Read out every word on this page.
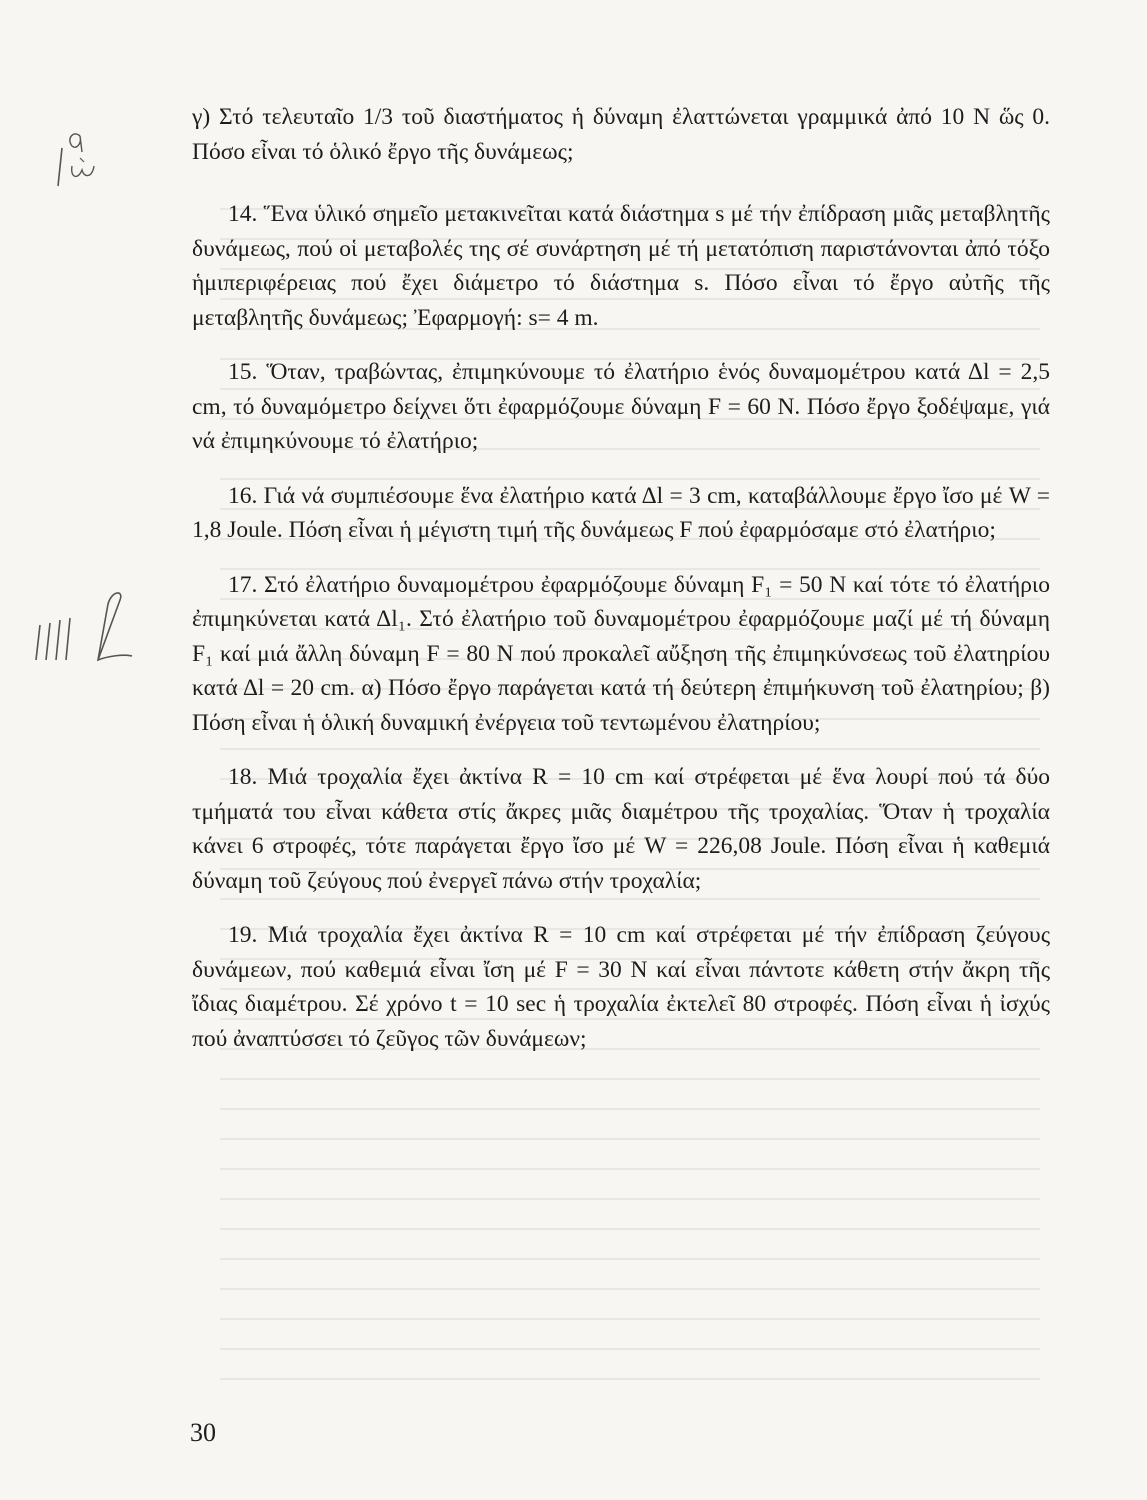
γ) Στό τελευταῖο 1/3 τοῦ διαστήματος ἡ δύναμη ἐλαττώνεται γραμμικά ἀπό 10 N ὥς 0. Πόσο εἶναι τό ὁλικό ἔργο τῆς δυνάμεως;

14. Ἕνα ὑλικό σημεῖο μετακινεῖται κατά διάστημα s μέ τήν ἐπίδραση μιᾶς μεταβλητῆς δυνάμεως, πού οἱ μεταβολές της σέ συνάρτηση μέ τή μετατόπιση παριστάνονται ἀπό τόξο ἡμιπεριφέρειας πού ἔχει διάμετρο τό διάστημα s. Πόσο εἶναι τό ἔργο αὐτῆς τῆς μεταβλητῆς δυνάμεως; Ἐφαρμογή: s= 4 m.

15. Ὅταν, τραβώντας, ἐπιμηκύνουμε τό ἐλατήριο ἑνός δυναμομέτρου κατά Δl = 2,5 cm, τό δυναμόμετρο δείχνει ὅτι ἐφαρμόζουμε δύναμη F = 60 N. Πόσο ἔργο ξοδέψαμε, γιά νά ἐπιμηκύνουμε τό ἐλατήριο;

16. Γιά νά συμπιέσουμε ἕνα ἐλατήριο κατά Δl = 3 cm, καταβάλλουμε ἔργο ἴσο μέ W = 1,8 Joule. Πόση εἶναι ἡ μέγιστη τιμή τῆς δυνάμεως F πού ἐφαρμόσαμε στό ἐλατήριο;

17. Στό ἐλατήριο δυναμομέτρου ἐφαρμόζουμε δύναμη F₁ = 50 N καί τότε τό ἐλατήριο ἐπιμηκύνεται κατά Δl₁. Στό ἐλατήριο τοῦ δυναμομέτρου ἐφαρμόζουμε μαζί μέ τή δύναμη F₁ καί μιά ἄλλη δύναμη F = 80 N πού προκαλεῖ αὔξηση τῆς ἐπιμηκύνσεως τοῦ ἐλατηρίου κατά Δl = 20 cm. α) Πόσο ἔργο παράγεται κατά τή δεύτερη ἐπιμήκυνση τοῦ ἐλατηρίου; β) Πόση εἶναι ἡ ὁλική δυναμική ἐνέργεια τοῦ τεντωμένου ἐλατηρίου;

18. Μιά τροχαλία ἔχει ἀκτίνα R = 10 cm καί στρέφεται μέ ἕνα λουρί πού τά δύο τμήματά του εἶναι κάθετα στίς ἄκρες μιᾶς διαμέτρου τῆς τροχαλίας. Ὅταν ἡ τροχαλία κάνει 6 στροφές, τότε παράγεται ἔργο ἴσο μέ W = 226,08 Joule. Πόση εἶναι ἡ καθεμιά δύναμη τοῦ ζεύγους πού ἐνεργεῖ πάνω στήν τροχαλία;

19. Μιά τροχαλία ἔχει ἀκτίνα R = 10 cm καί στρέφεται μέ τήν ἐπίδραση ζεύγους δυνάμεων, πού καθεμιά εἶναι ἴση μέ F = 30 N καί εἶναι πάντοτε κάθετη στήν ἄκρη τῆς ἴδιας διαμέτρου. Σέ χρόνο t = 10 sec ἡ τροχαλία ἐκτελεῖ 80 στροφές. Πόση εἶναι ἡ ἰσχύς πού ἀναπτύσσει τό ζεῦγος τῶν δυνάμεων;

30
